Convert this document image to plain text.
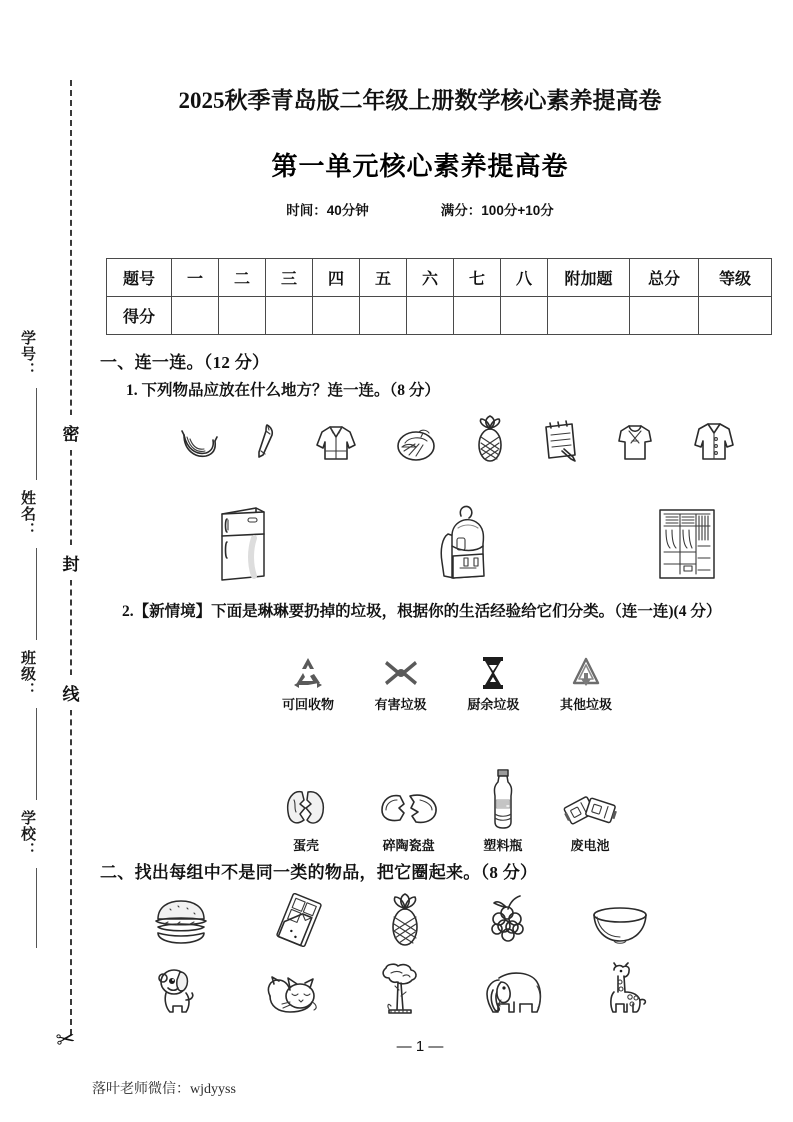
密
封
线
学号：
姓名：
班级：
学校：
✂
2025秋季青岛版二年级上册数学核心素养提高卷
第一单元核心素养提高卷
时间：40分钟	满分：100分+10分
题号	一	二	三	四	五	六	七	八	附加题	总分	等级
得分											
一、连一连。（12 分）
1. 下列物品应放在什么地方？连一连。（8 分）
2.【新情境】下面是琳琳要扔掉的垃圾，根据你的生活经验给它们分类。（连一连)(4 分）
可回收物	有害垃圾	厨余垃圾	其他垃圾
蛋壳	碎陶瓷盘	塑料瓶	废电池
二、找出每组中不是同一类的物品，把它圈起来。（8 分）
— 1 —
落叶老师微信：wjdyyss
